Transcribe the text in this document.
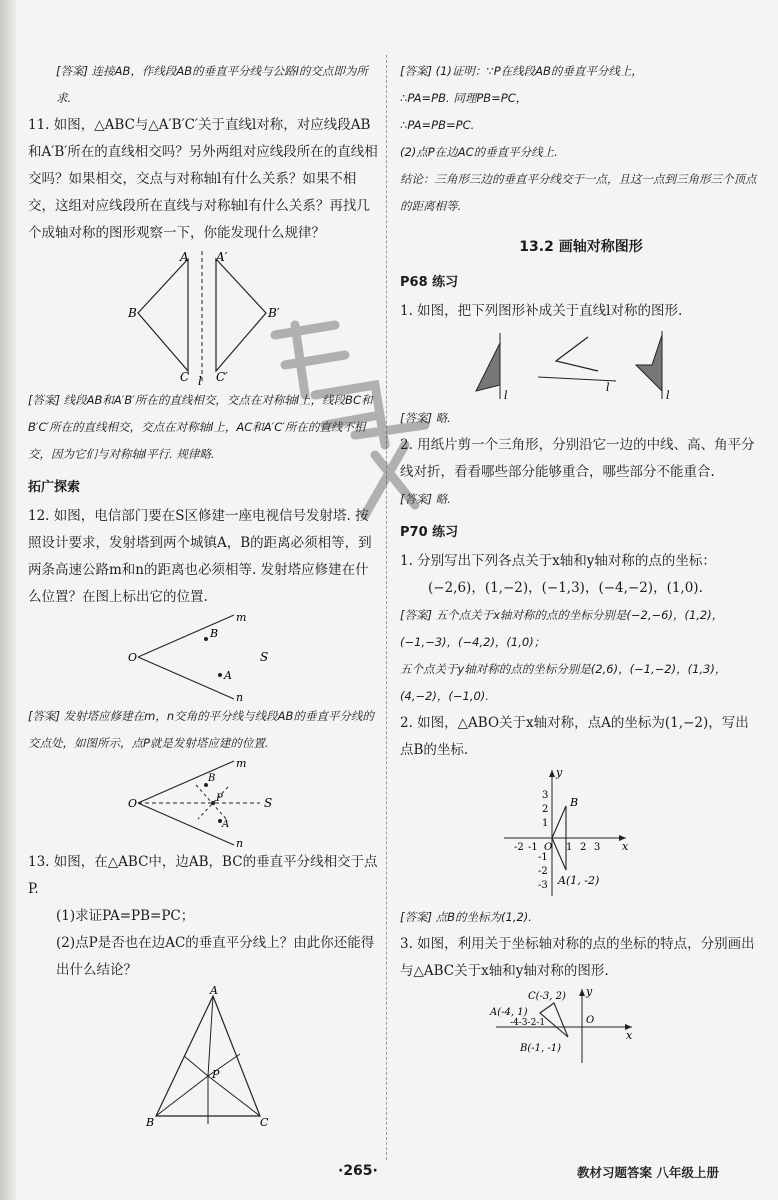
[答案] 连接AB，作线段AB的垂直平分线与公路l的交点即为所求.

11. 如图，△ABC与△A′B′C′关于直线l对称，对应线段AB和A′B′所在的直线相交吗？另外两组对应线段所在的直线相交吗？如果相交，交点与对称轴l有什么关系？如果不相交，这组对应线段所在直线与对称轴l有什么关系？再找几个成轴对称的图形观察一下，你能发现什么规律？

A
B
C
A′
B′
C′
l

[答案] 线段AB和A′B′所在的直线相交，交点在对称轴l上，线段BC和B′C′所在的直线相交，交点在对称轴l上，AC和A′C′所在的直线不相交，因为它们与对称轴l平行. 规律略.

拓广探索

12. 如图，电信部门要在S区修建一座电视信号发射塔. 按照设计要求，发射塔到两个城镇A，B的距离必须相等，到两条高速公路m和n的距离也必须相等. 发射塔应修建在什么位置？在图上标出它的位置.

m
n
O
B
A
S

[答案] 发射塔应修建在m，n交角的平分线与线段AB的垂直平分线的交点处，如图所示，点P就是发射塔应建的位置.

m
n
O
B
P
A
S

13. 如图，在△ABC中，边AB，BC的垂直平分线相交于点P.

(1)求证PA=PB=PC；

(2)点P是否也在边AC的垂直平分线上？由此你还能得出什么结论？

A
B	C
P

[答案] (1)证明：∵P在线段AB的垂直平分线上，

∴PA=PB. 同理PB=PC，

∴PA=PB=PC.

(2)点P在边AC的垂直平分线上.

结论：三角形三边的垂直平分线交于一点，且这一点到三角形三个顶点的距离相等.

13.2 画轴对称图形

P68 练习

1. 如图，把下列图形补成关于直线l对称的图形.

l
l
l

[答案] 略.

2. 用纸片剪一个三角形，分别沿它一边的中线、高、角平分线对折，看看哪些部分能够重合，哪些部分不能重合.

[答案] 略.

P70 练习

1. 分别写出下列各点关于x轴和y轴对称的点的坐标：

(−2,6)，(1,−2)，(−1,3)，(−4,−2)，(1,0).

[答案] 五个点关于x轴对称的点的坐标分别是(−2,−6)，(1,2)，(−1,−3)，(−4,2)，(1,0)；

五个点关于y轴对称的点的坐标分别是(2,6)，(−1,−2)，(1,3)，(4,−2)，(−1,0).

2. 如图，△ABO关于x轴对称，点A的坐标为(1,−2)，写出点B的坐标.

y
x
B
O
A(1, -2)
-2 -1	1 2 3
3
2
1
-1
-2
-3

[答案] 点B的坐标为(1,2).

3. 如图，利用关于坐标轴对称的点的坐标的特点，分别画出与△ABC关于x轴和y轴对称的图形.

y
x
C(-3, 2)
A(-4, 1)
-4-3-2-1	O
B(-1, -1)
·265·	教材习题答案 八年级上册
